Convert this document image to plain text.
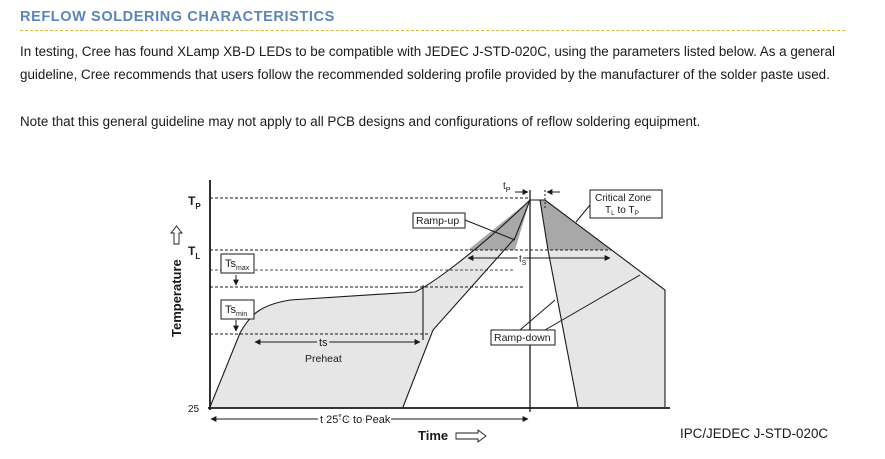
REFLOW SOLDERING CHARACTERISTICS

In testing, Cree has found XLamp XB-D LEDs to be compatible with JEDEC J-STD-020C, using the parameters listed below. As a general guideline, Cree recommends that users follow the recommended soldering profile provided by the manufacturer of the solder paste used.

Note that this general guideline may not apply to all PCB designs and configurations of reflow soldering equipment.

$T_P$
$T_L$
25
Temperature	$Ts_{max}$
$Ts_{min}$
Ramp-up
Ramp-down
Critical Zone
$T_L$ to $T_P$
$t_P$
$t_S$
ts
Preheat
t 25˚C to Peak
Time	IPC/JEDEC J-STD-020C
